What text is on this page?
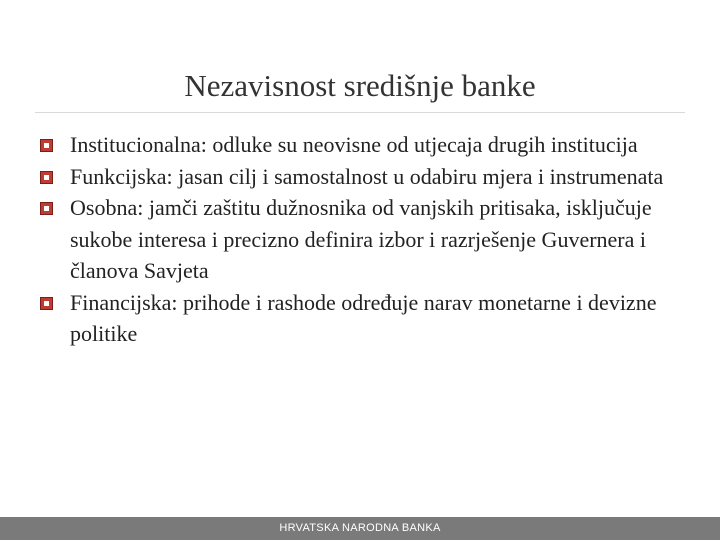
Nezavisnost središnje banke
Institucionalna: odluke su neovisne od utjecaja drugih institucija
Funkcijska: jasan cilj i samostalnost u odabiru mjera i instrumenata
Osobna: jamči zaštitu dužnosnika od vanjskih pritisaka, isključuje sukobe interesa i precizno definira izbor i razrješenje Guvernera i članova Savjeta
Financijska: prihode i rashode određuje narav monetarne i devizne politike
HRVATSKA NARODNA BANKA
